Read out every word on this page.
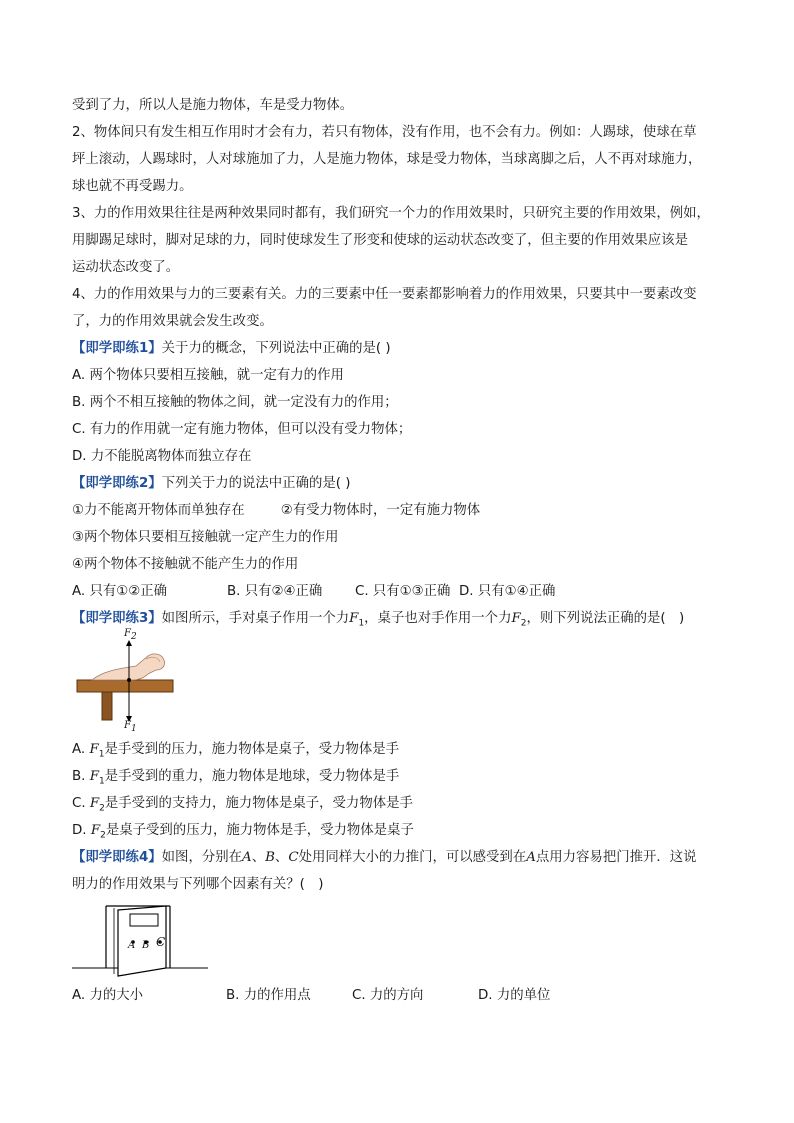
受到了力，所以人是施力物体，车是受力物体。

2、物体间只有发生相互作用时才会有力，若只有物体，没有作用，也不会有力。例如：人踢球，使球在草

坪上滚动，人踢球时，人对球施加了力，人是施力物体，球是受力物体，当球离脚之后，人不再对球施力，

球也就不再受踢力。

3、力的作用效果往往是两种效果同时都有，我们研究一个力的作用效果时，只研究主要的作用效果，例如，

用脚踢足球时，脚对足球的力，同时使球发生了形变和使球的运动状态改变了，但主要的作用效果应该是

运动状态改变了。

4、力的作用效果与力的三要素有关。力的三要素中任一要素都影响着力的作用效果，只要其中一要素改变

了，力的作用效果就会发生改变。

【即学即练1】关于力的概念，下列说法中正确的是( )

A. 两个物体只要相互接触，就一定有力的作用

B. 两个不相互接触的物体之间，就一定没有力的作用；

C. 有力的作用就一定有施力物体，但可以没有受力物体；

D. 力不能脱离物体而独立存在

【即学即练2】下列关于力的说法中正确的是( )

①力不能离开物体而单独存在	②有受力物体时，一定有施力物体

③两个物体只要相互接触就一定产生力的作用

④两个物体不接触就不能产生力的作用

A. 只有①②正确	B. 只有②④正确 C. 只有①③正确 D. 只有①④正确

【即学即练3】如图所示，手对桌子作用一个力$F_1$，桌子也对手作用一个力$F_2$，则下列说法正确的是(　)

$F_2$
$F_1$

A. $F_1$是手受到的压力，施力物体是桌子，受力物体是手

B. $F_1$是手受到的重力，施力物体是地球，受力物体是手

C. $F_2$是手受到的支持力，施力物体是桌子，受力物体是手

D. $F_2$是桌子受到的压力，施力物体是手，受力物体是桌子

【即学即练4】如图，分别在A、B、C处用同样大小的力推门，可以感受到在A点用力容易把门推开．这说

明力的作用效果与下列哪个因素有关？(　)

A B C

A. 力的大小	B. 力的作用点	C. 力的方向	D. 力的单位
